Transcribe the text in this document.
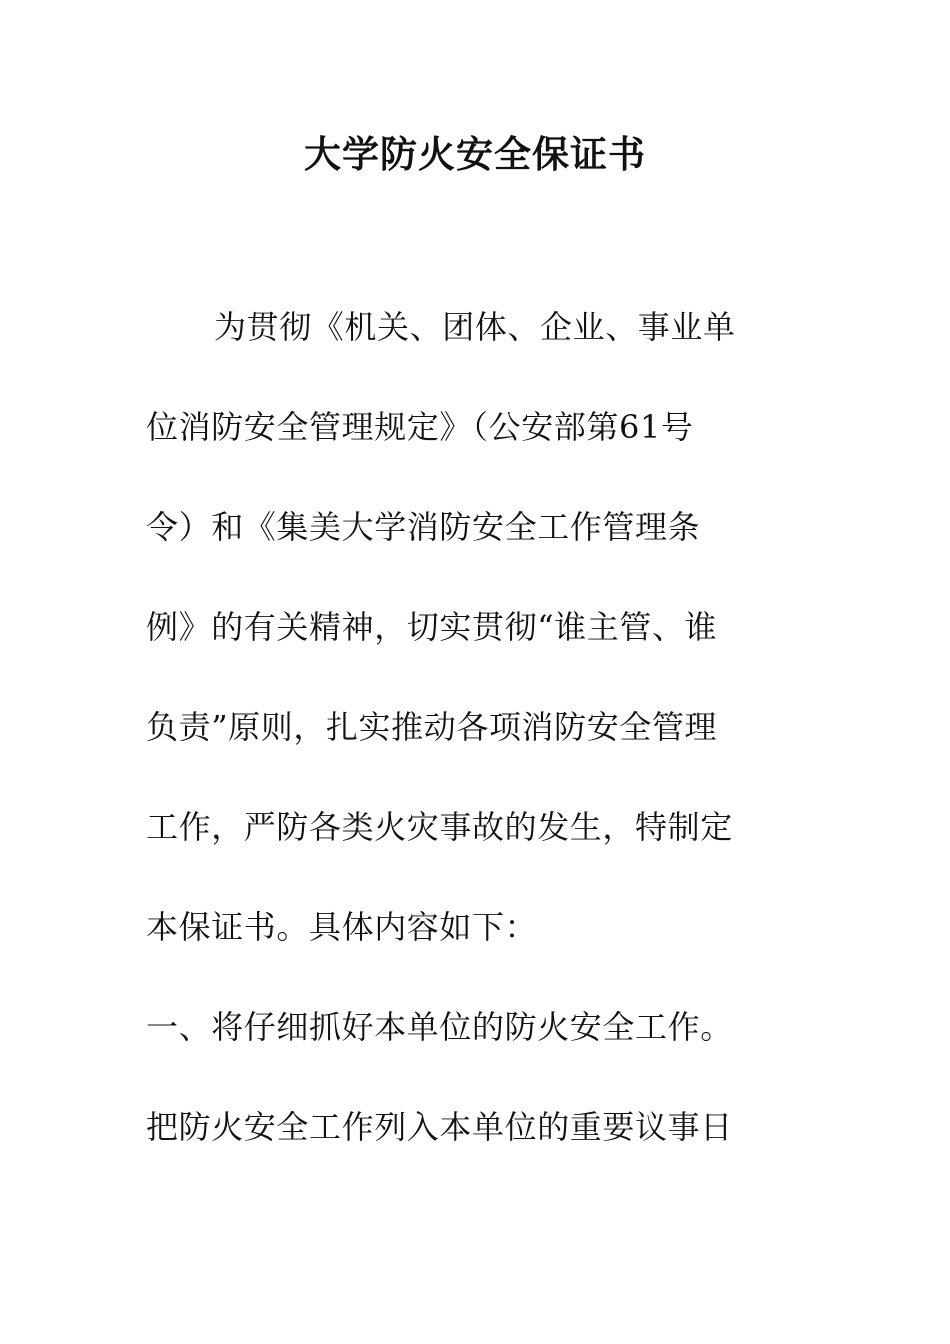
大学防火安全保证书
为贯彻《机关、团体、企业、事业单
位消防安全管理规定》（公安部第61号
令）和《集美大学消防安全工作管理条
例》的有关精神，切实贯彻“谁主管、谁
负责”原则，扎实推动各项消防安全管理
工作，严防各类火灾事故的发生，特制定
本保证书。具体内容如下：
一、将仔细抓好本单位的防火安全工作。
把防火安全工作列入本单位的重要议事日
